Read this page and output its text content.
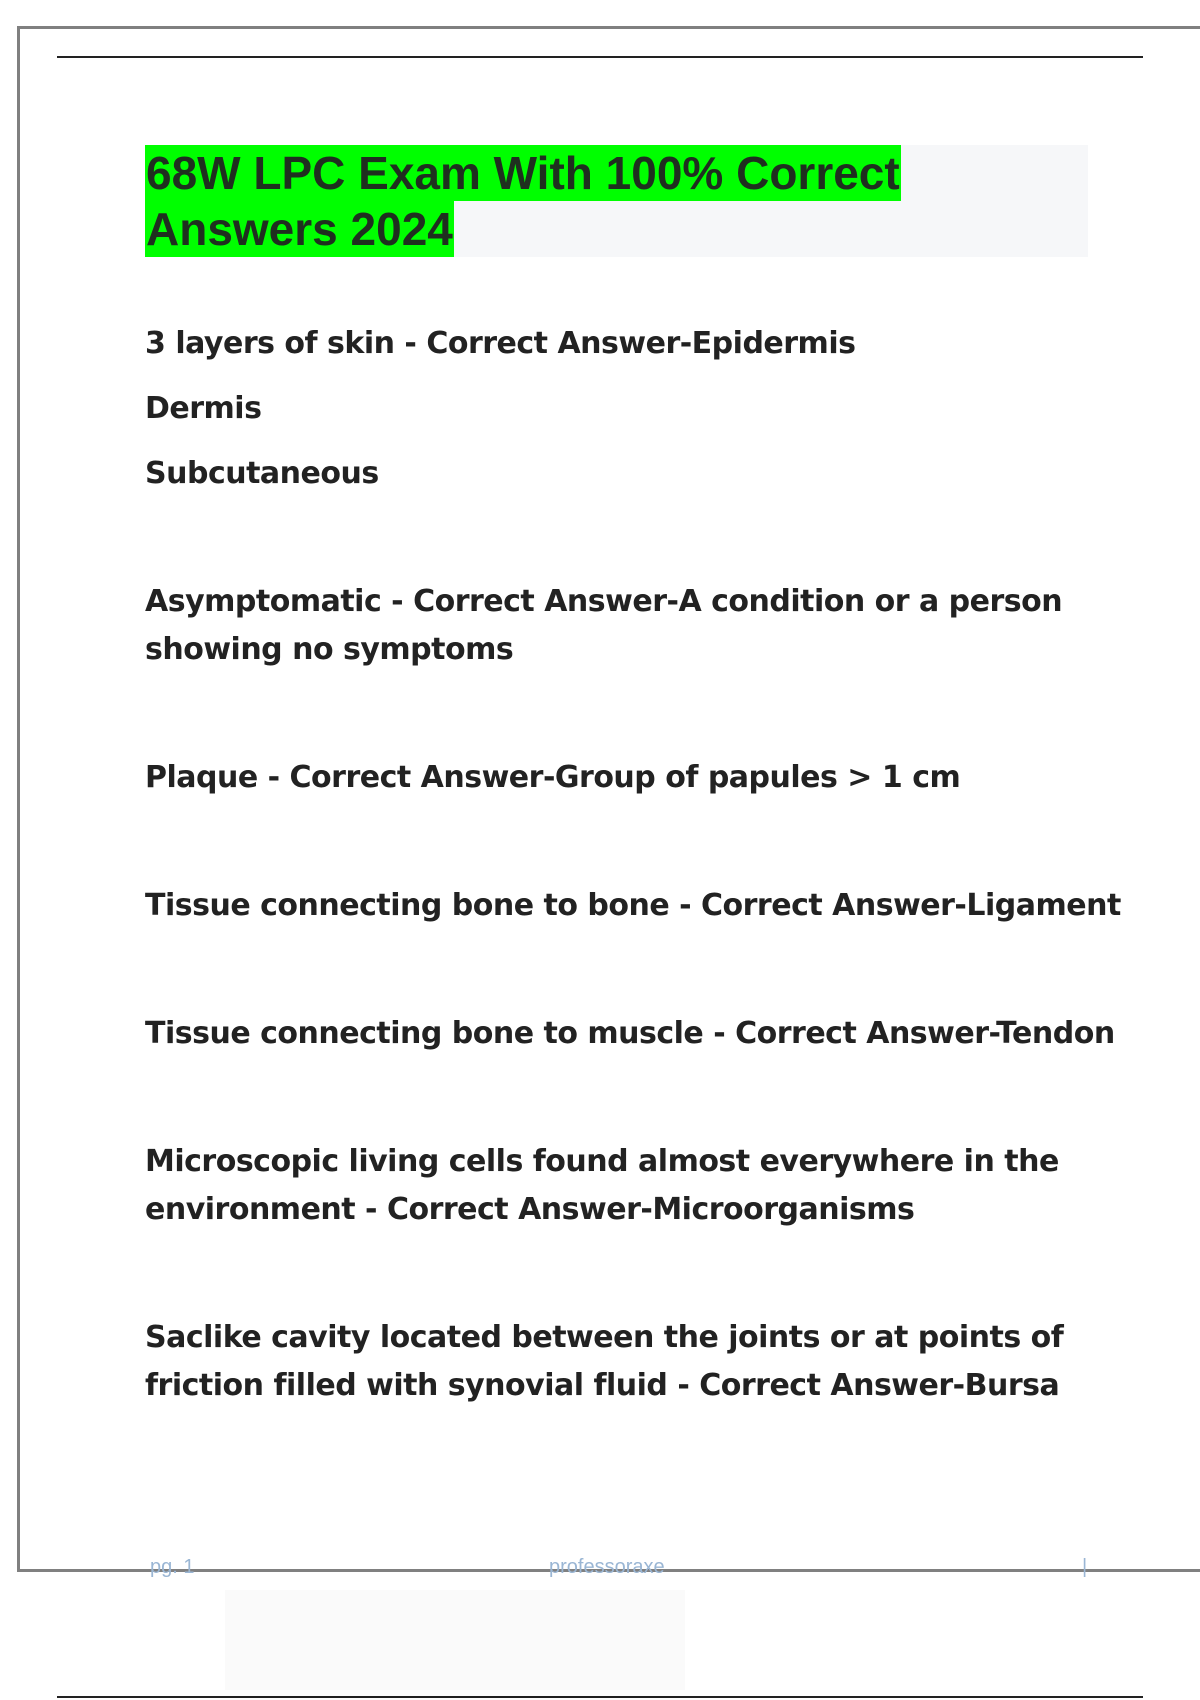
68W LPC Exam With 100% Correct
Answers 2024

3 layers of skin - Correct Answer-Epidermis
Dermis
Subcutaneous

Asymptomatic - Correct Answer-A condition or a person
showing no symptoms

Plaque - Correct Answer-Group of papules > 1 cm

Tissue connecting bone to bone - Correct Answer-Ligament

Tissue connecting bone to muscle - Correct Answer-Tendon

Microscopic living cells found almost everywhere in the
environment - Correct Answer-Microorganisms

Saclike cavity located between the joints or at points of
friction filled with synovial fluid - Correct Answer-Bursa

pg. 1	professoraxe	|
